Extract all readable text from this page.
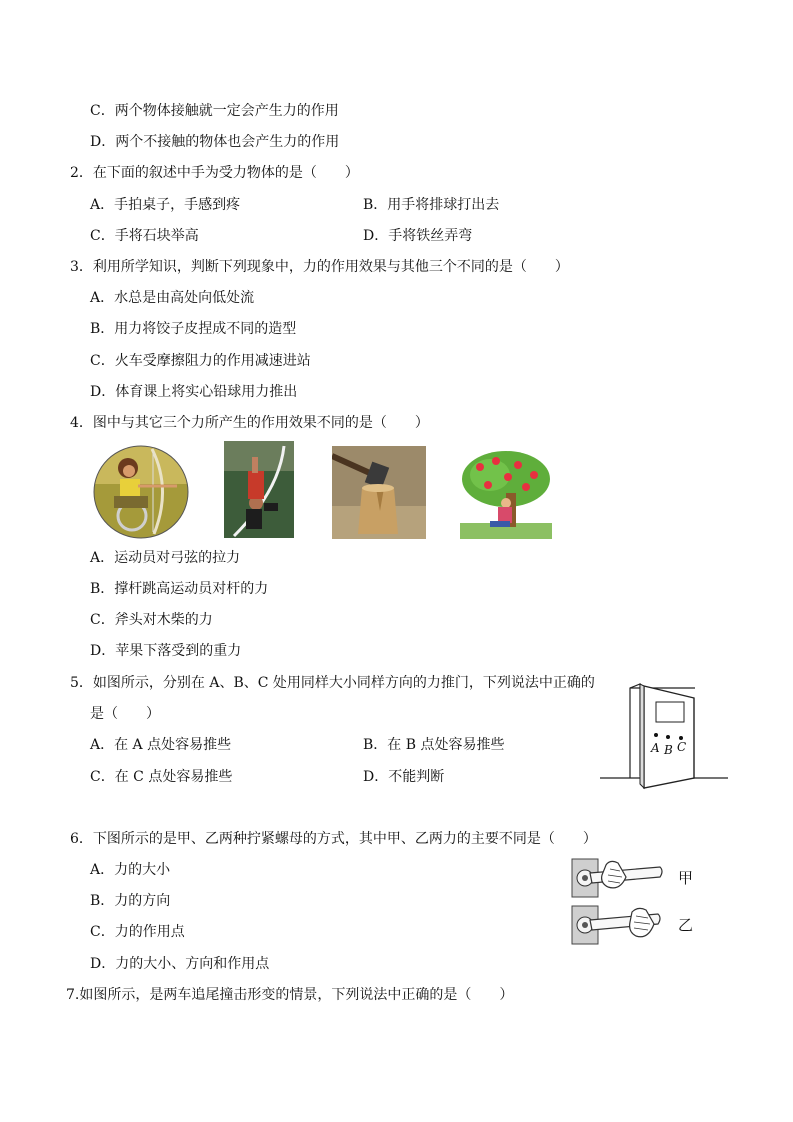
C．两个物体接触就一定会产生力的作用
D．两个不接触的物体也会产生力的作用
2．在下面的叙述中手为受力物体的是（　　）
A．手拍桌子，手感到疼	B．用手将排球打出去
C．手将石块举高	D．手将铁丝弄弯
3．利用所学知识，判断下列现象中，力的作用效果与其他三个不同的是（　　）
A．水总是由高处向低处流
B．用力将饺子皮捏成不同的造型
C．火车受摩擦阻力的作用减速进站
D．体育课上将实心铅球用力推出
4．图中与其它三个力所产生的作用效果不同的是（　　）
A．运动员对弓弦的拉力
B．撑杆跳高运动员对杆的力
C．斧头对木柴的力
D．苹果下落受到的重力
5．如图所示，分别在 A、B、C 处用同样大小同样方向的力推门，下列说法中正确的
是（　　）
A．在 A 点处容易推些	B．在 B 点处容易推些
C．在 C 点处容易推些	D．不能判断
A B C
6．下图所示的是甲、乙两种拧紧螺母的方式，其中甲、乙两力的主要不同是（　　）
A．力的大小
B．力的方向
C．力的作用点
D．力的大小、方向和作用点
甲
乙
7.如图所示，是两车追尾撞击形变的情景，下列说法中正确的是（　　）
